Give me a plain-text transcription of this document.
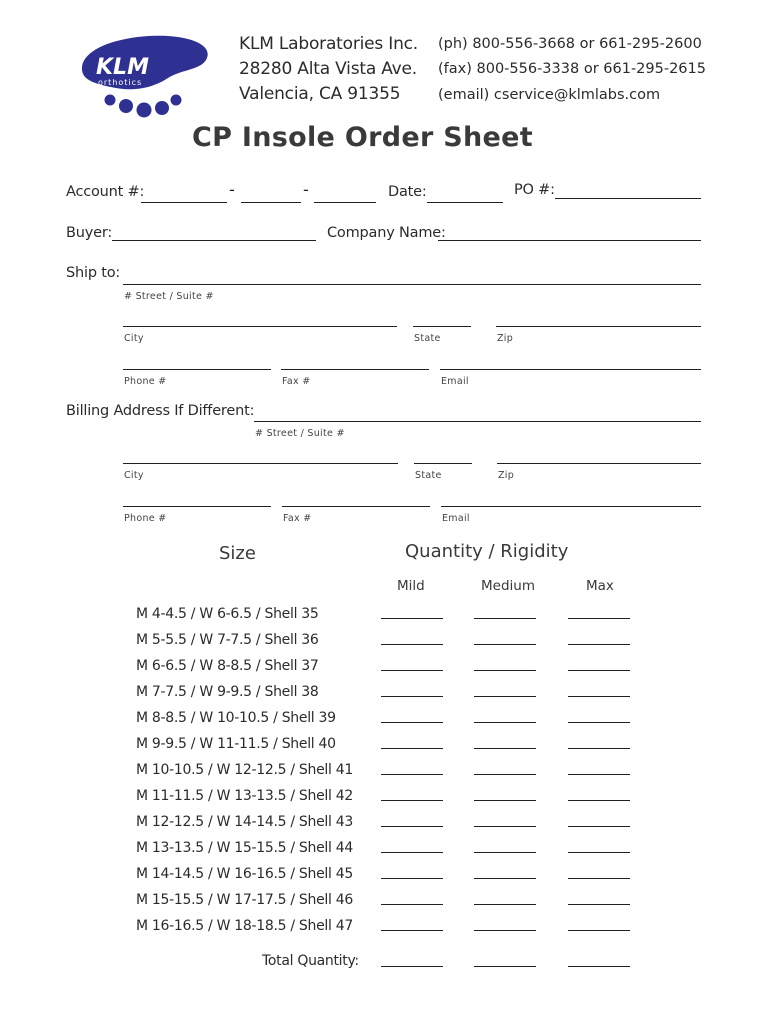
KLM
orthotics
KLM Laboratories Inc.
28280 Alta Vista Ave.
Valencia, CA 91355
(ph) 800-556-3668 or 661-295-2600
(fax) 800-556-3338 or 661-295-2615
(email) cservice@klmlabs.com
CP Insole Order Sheet
Account #:	-	-	Date:	PO #:
Buyer:	Company Name:
Ship to:
# Street / Suite #
City	State	Zip
Phone #	Fax #	Email
Billing Address If Different:
# Street / Suite #
City	State	Zip
Phone #	Fax #	Email
Size	Quantity / Rigidity
Mild	Medium	Max
M 4-4.5 / W 6-6.5 / Shell 35
M 5-5.5 / W 7-7.5 / Shell 36
M 6-6.5 / W 8-8.5 / Shell 37
M 7-7.5 / W 9-9.5 / Shell 38
M 8-8.5 / W 10-10.5 / Shell 39
M 9-9.5 / W 11-11.5 / Shell 40
M 10-10.5 / W 12-12.5 / Shell 41
M 11-11.5 / W 13-13.5 / Shell 42
M 12-12.5 / W 14-14.5 / Shell 43
M 13-13.5 / W 15-15.5 / Shell 44
M 14-14.5 / W 16-16.5 / Shell 45
M 15-15.5 / W 17-17.5 / Shell 46
M 16-16.5 / W 18-18.5 / Shell 47
Total Quantity:
